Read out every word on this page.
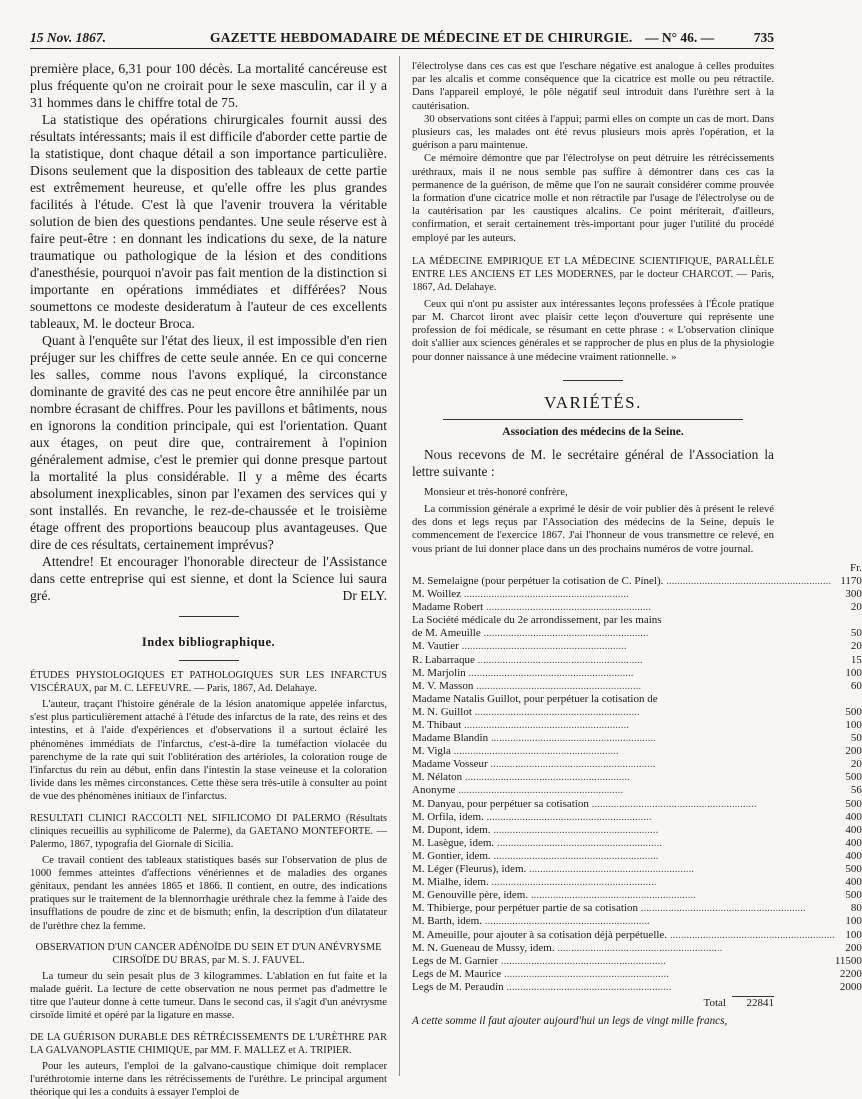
15 Nov. 1867.	GAZETTE HEBDOMADAIRE DE MÉDECINE ET DE CHIRURGIE. — N° 46. —	735

première place, 6,31 pour 100 décès. La mortalité cancéreuse est plus fréquente qu'on ne croirait pour le sexe masculin, car il y a 31 hommes dans le chiffre total de 75.

La statistique des opérations chirurgicales fournit aussi des résultats intéressants; mais il est difficile d'aborder cette partie de la statistique, dont chaque détail a son importance particulière. Disons seulement que la disposition des tableaux de cette partie est extrêmement heureuse, et qu'elle offre les plus grandes facilités à l'étude. C'est là que l'avenir trouvera la véritable solution de bien des questions pendantes. Une seule réserve est à faire peut-être : en donnant les indications du sexe, de la nature traumatique ou pathologique de la lésion et des conditions d'anesthésie, pourquoi n'avoir pas fait mention de la distinction si importante en opérations immédiates et différées? Nous soumettons ce modeste desideratum à l'auteur de ces excellents tableaux, M. le docteur Broca.

Quant à l'enquête sur l'état des lieux, il est impossible d'en rien préjuger sur les chiffres de cette seule année. En ce qui concerne les salles, comme nous l'avons expliqué, la circonstance dominante de gravité des cas ne peut encore être annihilée par un nombre écrasant de chiffres. Pour les pavillons et bâtiments, nous en ignorons la condition principale, qui est l'orientation. Quant aux étages, on peut dire que, contrairement à l'opinion généralement admise, c'est le premier qui donne presque partout la mortalité la plus considérable. Il y a même des écarts absolument inexplicables, sinon par l'examen des services qui y sont installés. En revanche, le rez-de-chaussée et le troisième étage offrent des proportions beaucoup plus avantageuses. Que dire de ces résultats, certainement imprévus?

Attendre! Et encourager l'honorable directeur de l'Assistance dans cette entreprise qui est sienne, et dont la Science lui saura gré.	Dr ELY.

Index bibliographique.

ÉTUDES PHYSIOLOGIQUES ET PATHOLOGIQUES SUR LES INFARCTUS VISCÉRAUX, par M. C. LEFEUVRE. — Paris, 1867, Ad. Delahaye.

L'auteur, traçant l'histoire générale de la lésion anatomique appelée infarctus, s'est plus particulièrement attaché à l'étude des infarctus de la rate, des reins et des intestins, et à l'aide d'expériences et d'observations il a surtout éclairé les phénomènes immédiats de l'infarctus, c'est-à-dire la tuméfaction violacée du parenchyme de la rate qui suit l'oblitération des artérioles, la coloration rouge de l'infarctus du rein au début, enfin dans l'intestin la stase veineuse et la coloration livide dans les mêmes circonstances. Cette thèse sera très-utile à consulter au point de vue des phénomènes initiaux de l'infarctus.

RESULTATI CLINICI RACCOLTI NEL SIFILICOMO DI PALERMO (Résultats cliniques recueillis au syphilicome de Palerme), da GAETANO MONTEFORTE. — Palermo, 1867, typografia del Giornale di Sicilia.

Ce travail contient des tableaux statistiques basés sur l'observation de plus de 1000 femmes atteintes d'affections vénériennes et de maladies des organes génitaux, pendant les années 1865 et 1866. Il contient, en outre, des indications pratiques sur le traitement de la blennorrhagie uréthrale chez la femme à l'aide des insufflations de poudre de zinc et de bismuth; enfin, la description d'un dilatateur de l'urèthre chez la femme.

OBSERVATION D'UN CANCER ADÉNOÏDE DU SEIN ET D'UN ANÉVRYSME CIRSOÏDE DU BRAS, par M. S. J. FAUVEL.

La tumeur du sein pesait plus de 3 kilogrammes. L'ablation en fut faite et la malade guérit. La lecture de cette observation ne nous permet pas d'admettre le titre que l'auteur donne à cette tumeur. Dans le second cas, il s'agit d'un anévrysme cirsoïde limité et opéré par la ligature en masse.

DE LA GUÉRISON DURABLE DES RÉTRÉCISSEMENTS DE L'URÈTHRE PAR LA GALVANOPLASTIE CHIMIQUE, par MM. F. MALLEZ et A. TRIPIER.

Pour les auteurs, l'emploi de la galvano-caustique chimique doit remplacer l'uréthrotomie interne dans les rétrécissements de l'urèthre. Le principal argument théorique qui les a conduits à essayer l'emploi de

l'électrolyse dans ces cas est que l'eschare négative est analogue à celles produites par les alcalis et comme conséquence que la cicatrice est molle ou peu rétractile. Dans l'appareil employé, le pôle négatif seul introduit dans l'urèthre sert à la cautérisation.

30 observations sont citées à l'appui; parmi elles on compte un cas de mort. Dans plusieurs cas, les malades ont été revus plusieurs mois après l'opération, et la guérison a paru maintenue.

Ce mémoire démontre que par l'électrolyse on peut détruire les rétrécissements uréthraux, mais il ne nous semble pas suffire à démontrer dans ces cas la permanence de la guérison, de même que l'on ne saurait considérer comme prouvée la formation d'une cicatrice molle et non rétractile par l'usage de l'électrolyse ou de la cautérisation par les caustiques alcalins. Ce point mériterait, d'ailleurs, confirmation, et serait certainement très-important pour juger l'utilité du procédé employé par les auteurs.

LA MÉDECINE EMPIRIQUE ET LA MÉDECINE SCIENTIFIQUE, PARALLÈLE ENTRE LES ANCIENS ET LES MODERNES, par le docteur CHARCOT. — Paris, 1867, Ad. Delahaye.

Ceux qui n'ont pu assister aux intéressantes leçons professées à l'École pratique par M. Charcot liront avec plaisir cette leçon d'ouverture qui représente une profession de foi médicale, se résumant en cette phrase : « L'observation clinique doit s'allier aux sciences générales et se rapprocher de plus en plus de la physiologie pour donner naissance à une médecine vraiment rationnelle. »

VARIÉTÉS.

Association des médecins de la Seine.

Nous recevons de M. le secrétaire général de l'Association la lettre suivante :

Monsieur et très-honoré confrère,

La commission générale a exprimé le désir de voir publier dès à présent le relevé des dons et legs reçus par l'Association des médecins de la Seine, depuis le commencement de l'exercice 1867. J'ai l'honneur de vous transmettre ce relevé, en vous priant de lui donner place dans un des prochains numéros de votre journal.

	Fr.
M. Semelaigne (pour perpétuer la cotisation de C. Pinel). ............................................................	1170
M. Woillez ............................................................	300
Madame Robert ............................................................	20
La Société médicale du 2e arrondissement, par les mains	
de M. Ameuille ............................................................	50
M. Vautier ............................................................	20
R. Labarraque ............................................................	15
M. Marjolin ............................................................	100
M. V. Masson ............................................................	60
Madame Natalis Guillot, pour perpétuer la cotisation de	
M. N. Guillot ............................................................	500
M. Thibaut ............................................................	100
Madame Blandin ............................................................	50
M. Vigla ............................................................	200
Madame Vosseur ............................................................	20
M. Nélaton ............................................................	500
Anonyme ............................................................	56
M. Danyau, pour perpétuer sa cotisation ............................................................	500
M. Orfila, idem. ............................................................	400
M. Dupont, idem. ............................................................	400
M. Lasègue, idem. ............................................................	400
M. Gontier, idem. ............................................................	400
M. Léger (Fleurus), idem. ............................................................	500
M. Mialhe, idem. ............................................................	400
M. Genouville père, idem. ............................................................	500
M. Thibierge, pour perpétuer partie de sa cotisation ............................................................	80
M. Barth, idem. ............................................................	100
M. Ameuille, pour ajouter à sa cotisation déjà perpétuelle. ............................................................	100
M. N. Gueneau de Mussy, idem. ............................................................	200
Legs de M. Garnier ............................................................	11500
Legs de M. Maurice ............................................................	2200
Legs de M. Peraudin ............................................................	2000
Total	22841

A cette somme il faut ajouter aujourd'hui un legs de vingt mille francs,
